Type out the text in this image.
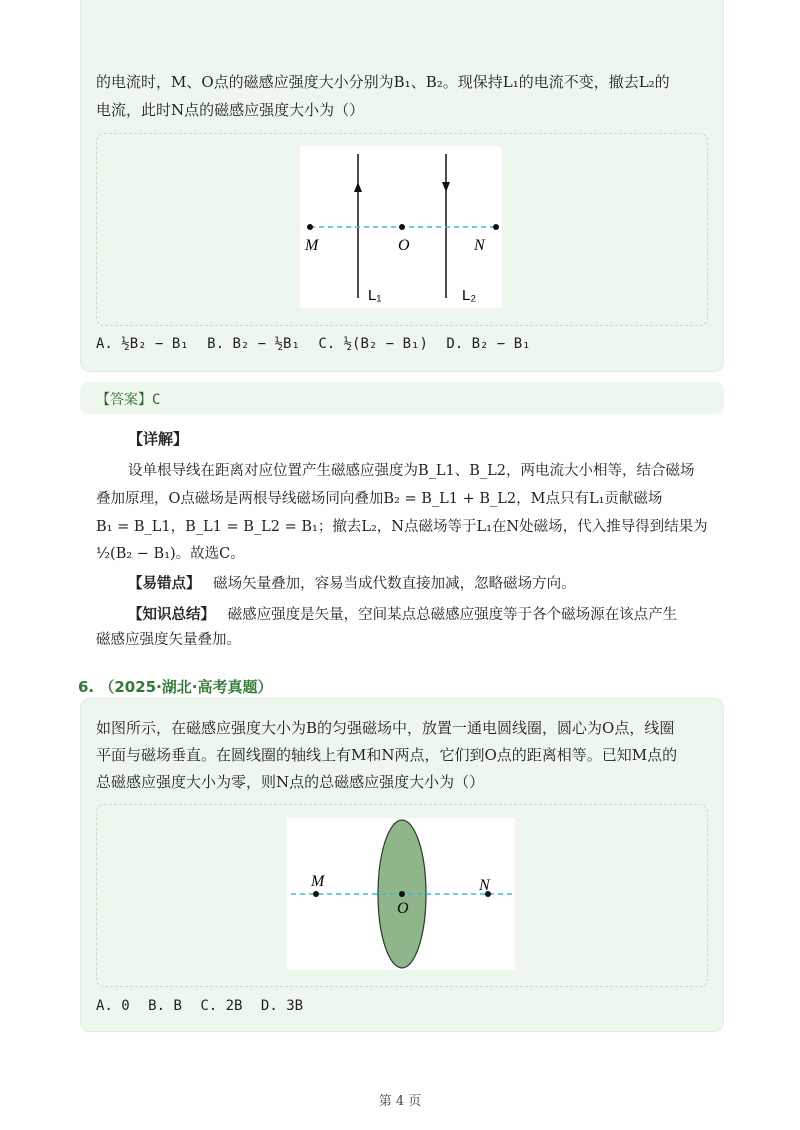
的电流时，M、O点的磁感应强度大小分别为B₁、B₂。现保持L₁的电流不变，撤去L₂的
电流，此时N点的磁感应强度大小为（）
M	O	N
L₁	L₂
A. ½B₂ − B₁ B. B₂ − ½B₁ C. ½(B₂ − B₁) D. B₂ − B₁
【答案】C
【详解】
设单根导线在距离对应位置产生磁感应强度为B_L1、B_L2，两电流大小相等，结合磁场
叠加原理，O点磁场是两根导线磁场同向叠加B₂ = B_L1 + B_L2，M点只有L₁贡献磁场
B₁ = B_L1，B_L1 = B_L2 = B₁；撤去L₂，N点磁场等于L₁在N处磁场，代入推导得到结果为
½(B₂ − B₁)。故选C。
【易错点】 磁场矢量叠加，容易当成代数直接加减，忽略磁场方向。
【知识总结】 磁感应强度是矢量，空间某点总磁感应强度等于各个磁场源在该点产生
磁感应强度矢量叠加。
6. （2025·湖北·高考真题）
如图所示，在磁感应强度大小为B的匀强磁场中，放置一通电圆线圈，圆心为O点，线圈
平面与磁场垂直。在圆线圈的轴线上有M和N两点，它们到O点的距离相等。已知M点的
总磁感应强度大小为零，则N点的总磁感应强度大小为（）
M
O
N
A. 0 B. B C. 2B D. 3B
第 4 页
